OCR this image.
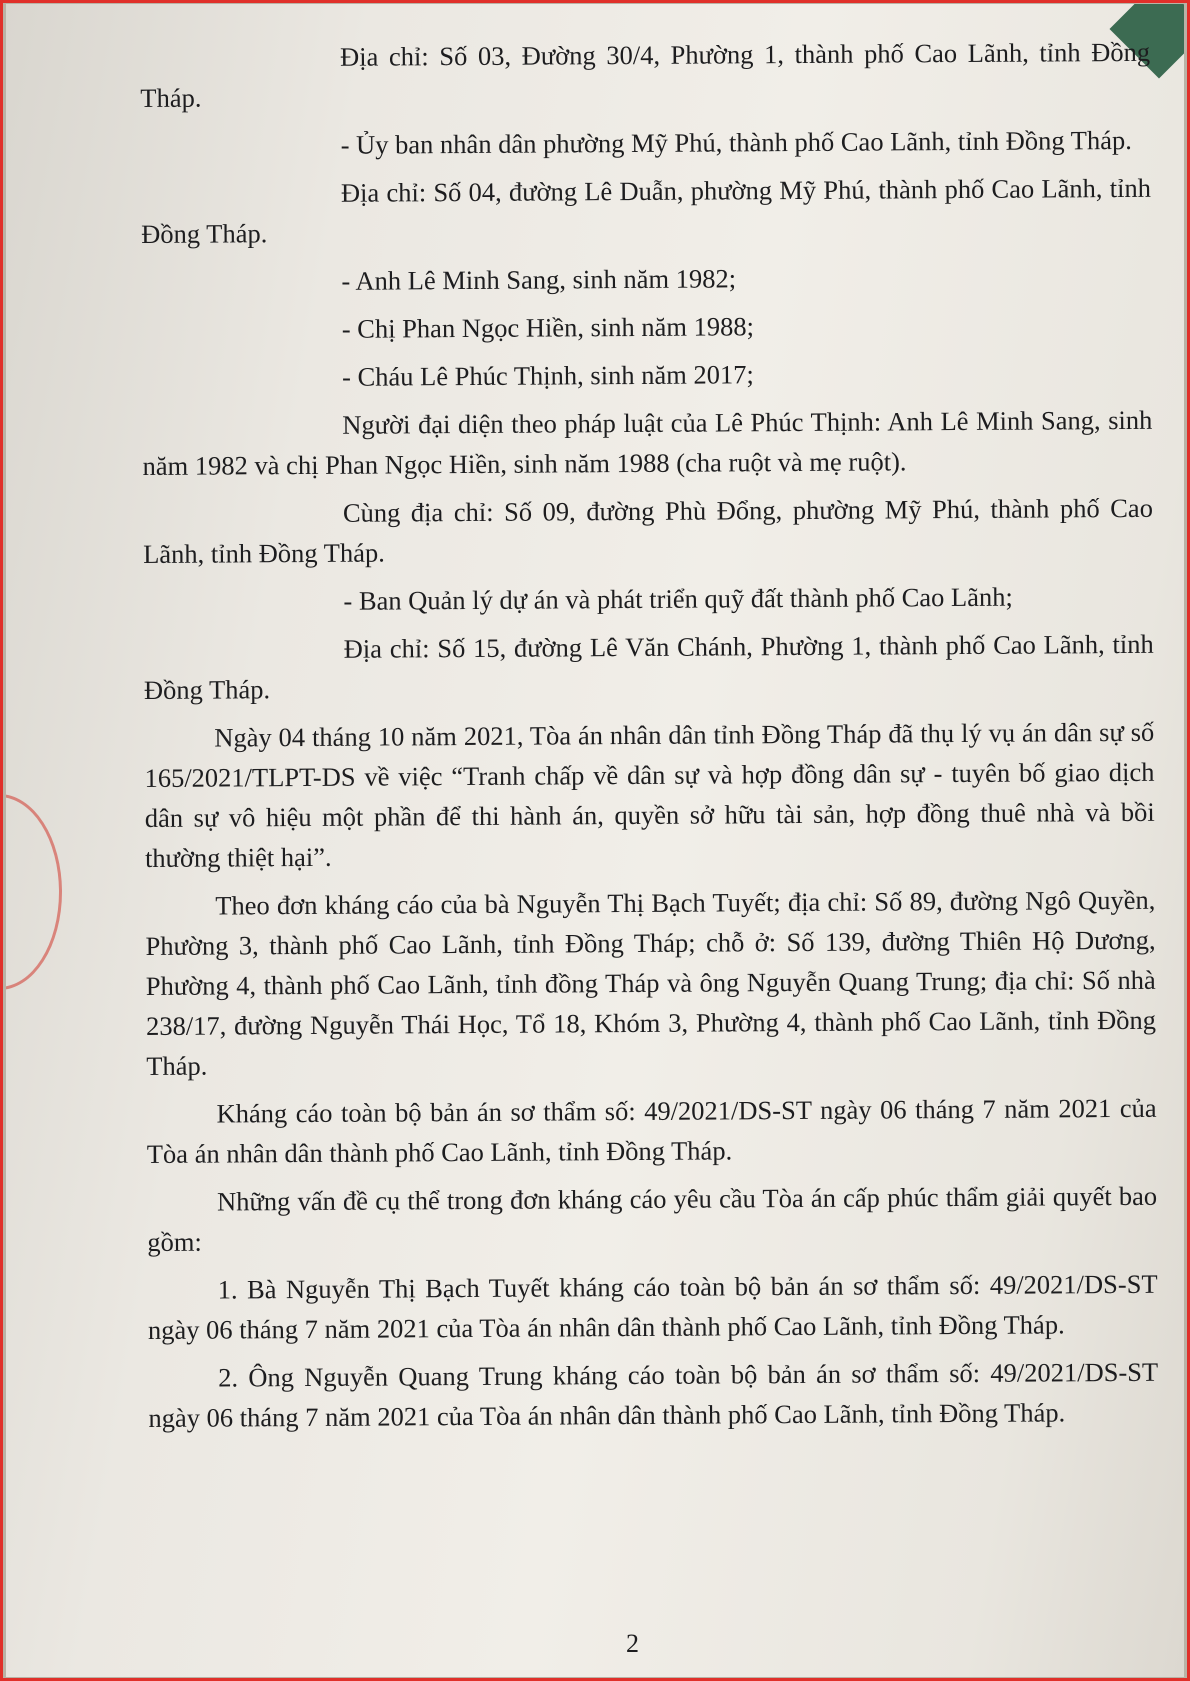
Địa chỉ: Số 03, Đường 30/4, Phường 1, thành phố Cao Lãnh, tỉnh Đồng Tháp.

- Ủy ban nhân dân phường Mỹ Phú, thành phố Cao Lãnh, tỉnh Đồng Tháp.

Địa chỉ: Số 04, đường Lê Duẫn, phường Mỹ Phú, thành phố Cao Lãnh, tỉnh Đồng Tháp.

- Anh Lê Minh Sang, sinh năm 1982;

- Chị Phan Ngọc Hiền, sinh năm 1988;

- Cháu Lê Phúc Thịnh, sinh năm 2017;

Người đại diện theo pháp luật của Lê Phúc Thịnh: Anh Lê Minh Sang, sinh năm 1982 và chị Phan Ngọc Hiền, sinh năm 1988 (cha ruột và mẹ ruột).

Cùng địa chỉ: Số 09, đường Phù Đổng, phường Mỹ Phú, thành phố Cao Lãnh, tỉnh Đồng Tháp.

- Ban Quản lý dự án và phát triển quỹ đất thành phố Cao Lãnh;

Địa chỉ: Số 15, đường Lê Văn Chánh, Phường 1, thành phố Cao Lãnh, tỉnh Đồng Tháp.

Ngày 04 tháng 10 năm 2021, Tòa án nhân dân tỉnh Đồng Tháp đã thụ lý vụ án dân sự số 165/2021/TLPT-DS về việc “Tranh chấp về dân sự và hợp đồng dân sự - tuyên bố giao dịch dân sự vô hiệu một phần để thi hành án, quyền sở hữu tài sản, hợp đồng thuê nhà và bồi thường thiệt hại”.

Theo đơn kháng cáo của bà Nguyễn Thị Bạch Tuyết; địa chỉ: Số 89, đường Ngô Quyền, Phường 3, thành phố Cao Lãnh, tỉnh Đồng Tháp; chỗ ở: Số 139, đường Thiên Hộ Dương, Phường 4, thành phố Cao Lãnh, tỉnh đồng Tháp và ông Nguyễn Quang Trung; địa chỉ: Số nhà 238/17, đường Nguyễn Thái Học, Tổ 18, Khóm 3, Phường 4, thành phố Cao Lãnh, tỉnh Đồng Tháp.

Kháng cáo toàn bộ bản án sơ thẩm số: 49/2021/DS-ST ngày 06 tháng 7 năm 2021 của Tòa án nhân dân thành phố Cao Lãnh, tỉnh Đồng Tháp.

Những vấn đề cụ thể trong đơn kháng cáo yêu cầu Tòa án cấp phúc thẩm giải quyết bao gồm:

1. Bà Nguyễn Thị Bạch Tuyết kháng cáo toàn bộ bản án sơ thẩm số: 49/2021/DS-ST ngày 06 tháng 7 năm 2021 của Tòa án nhân dân thành phố Cao Lãnh, tỉnh Đồng Tháp.

2. Ông Nguyễn Quang Trung kháng cáo toàn bộ bản án sơ thẩm số: 49/2021/DS-ST ngày 06 tháng 7 năm 2021 của Tòa án nhân dân thành phố Cao Lãnh, tỉnh Đồng Tháp.

2
